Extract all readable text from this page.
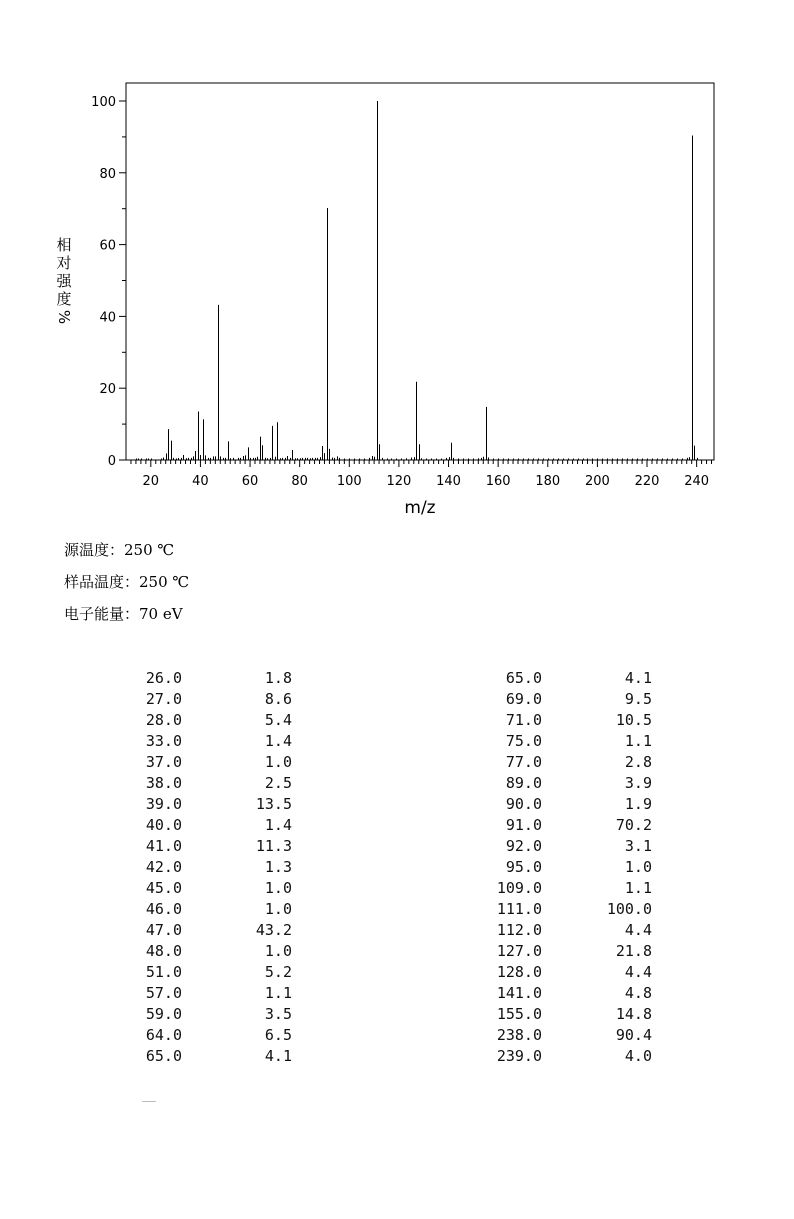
0
20
40
60
80
100
20	40	60	80 100 120 140 160 180 200 220 240
m/z
相
对
强
度
%
源温度：250 ℃
样品温度：250 ℃
电子能量：70 eV
26.0	1.8
27.0	8.6
28.0	5.4
33.0	1.4
37.0	1.0
38.0	2.5
39.0	13.5
40.0	1.4
41.0	11.3
42.0	1.3
45.0	1.0
46.0	1.0
47.0	43.2
48.0	1.0
51.0	5.2
57.0	1.1
59.0	3.5
64.0	6.5
65.0	4.1
65.0	4.1
69.0	9.5
71.0	10.5
75.0	1.1
77.0	2.8
89.0	3.9
90.0	1.9
91.0	70.2
92.0	3.1
95.0	1.0
109.0	1.1
111.0	100.0
112.0	4.4
127.0	21.8
128.0	4.4
141.0	4.8
155.0	14.8
238.0	90.4
239.0	4.0
